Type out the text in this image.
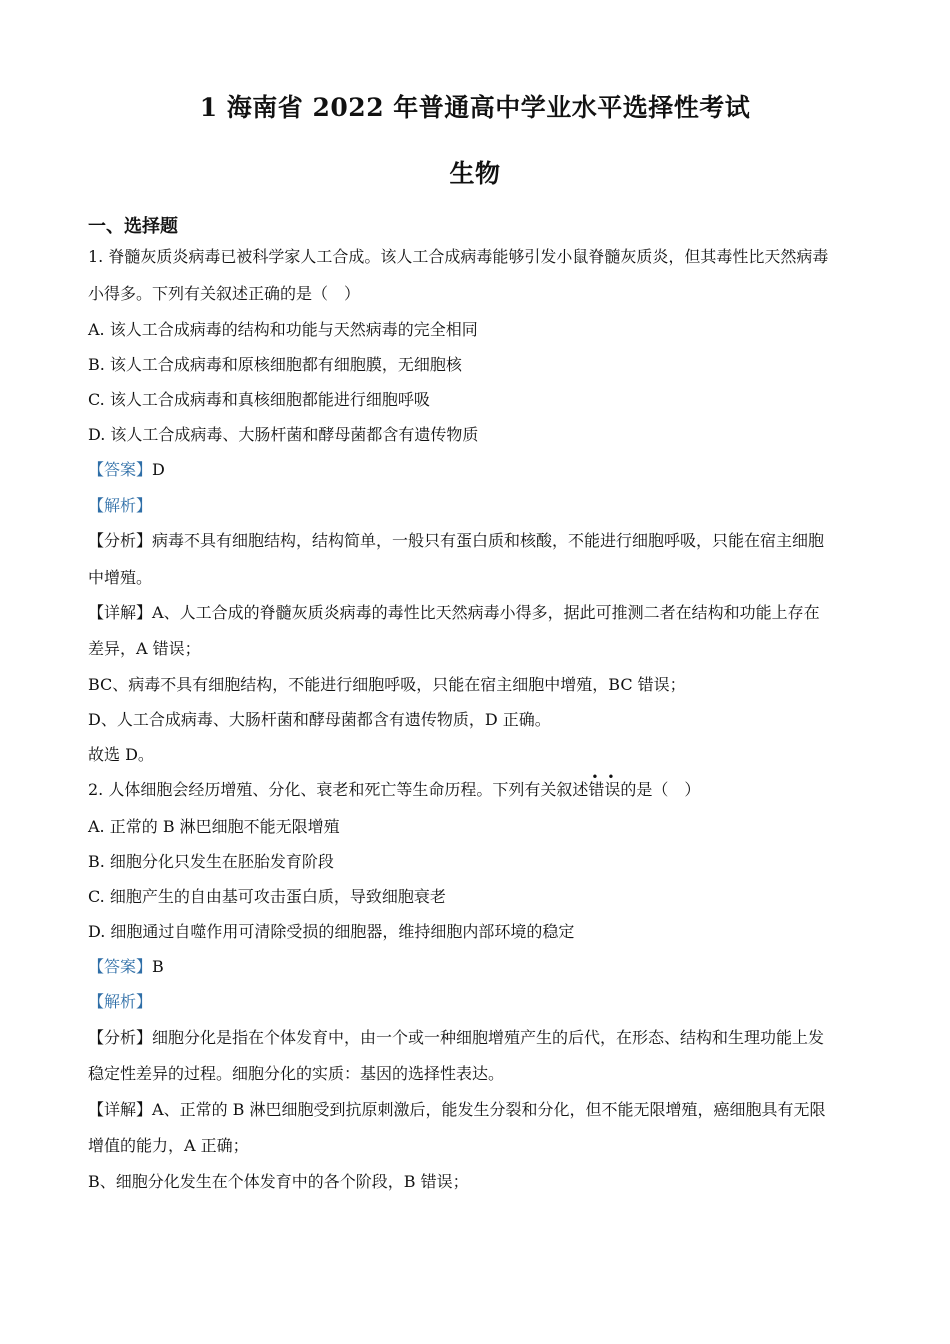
1 海南省 2022 年普通高中学业水平选择性考试
生物
一、选择题
1. 脊髓灰质炎病毒已被科学家人工合成。该人工合成病毒能够引发小鼠脊髓灰质炎，但其毒性比天然病毒
小得多。下列有关叙述正确的是（　）
A. 该人工合成病毒的结构和功能与天然病毒的完全相同
B. 该人工合成病毒和原核细胞都有细胞膜，无细胞核
C. 该人工合成病毒和真核细胞都能进行细胞呼吸
D. 该人工合成病毒、大肠杆菌和酵母菌都含有遗传物质
【答案】D
【解析】
【分析】病毒不具有细胞结构，结构简单，一般只有蛋白质和核酸，不能进行细胞呼吸，只能在宿主细胞
中增殖。
【详解】A、人工合成的脊髓灰质炎病毒的毒性比天然病毒小得多，据此可推测二者在结构和功能上存在
差异，A 错误；
BC、病毒不具有细胞结构，不能进行细胞呼吸，只能在宿主细胞中增殖，BC 错误；
D、人工合成病毒、大肠杆菌和酵母菌都含有遗传物质，D 正确。
故选 D。
2. 人体细胞会经历增殖、分化、衰老和死亡等生命历程。下列有关叙述错误
• •
的是（　）
A. 正常的 B 淋巴细胞不能无限增殖
B. 细胞分化只发生在胚胎发育阶段
C. 细胞产生的自由基可攻击蛋白质，导致细胞衰老
D. 细胞通过自噬作用可清除受损的细胞器，维持细胞内部环境的稳定
【答案】B
【解析】
【分析】细胞分化是指在个体发育中，由一个或一种细胞增殖产生的后代，在形态、结构和生理功能上发
稳定性差异的过程。细胞分化的实质：基因的选择性表达。
【详解】A、正常的 B 淋巴细胞受到抗原刺激后，能发生分裂和分化，但不能无限增殖，癌细胞具有无限
增值的能力，A 正确；
B、细胞分化发生在个体发育中的各个阶段，B 错误；
